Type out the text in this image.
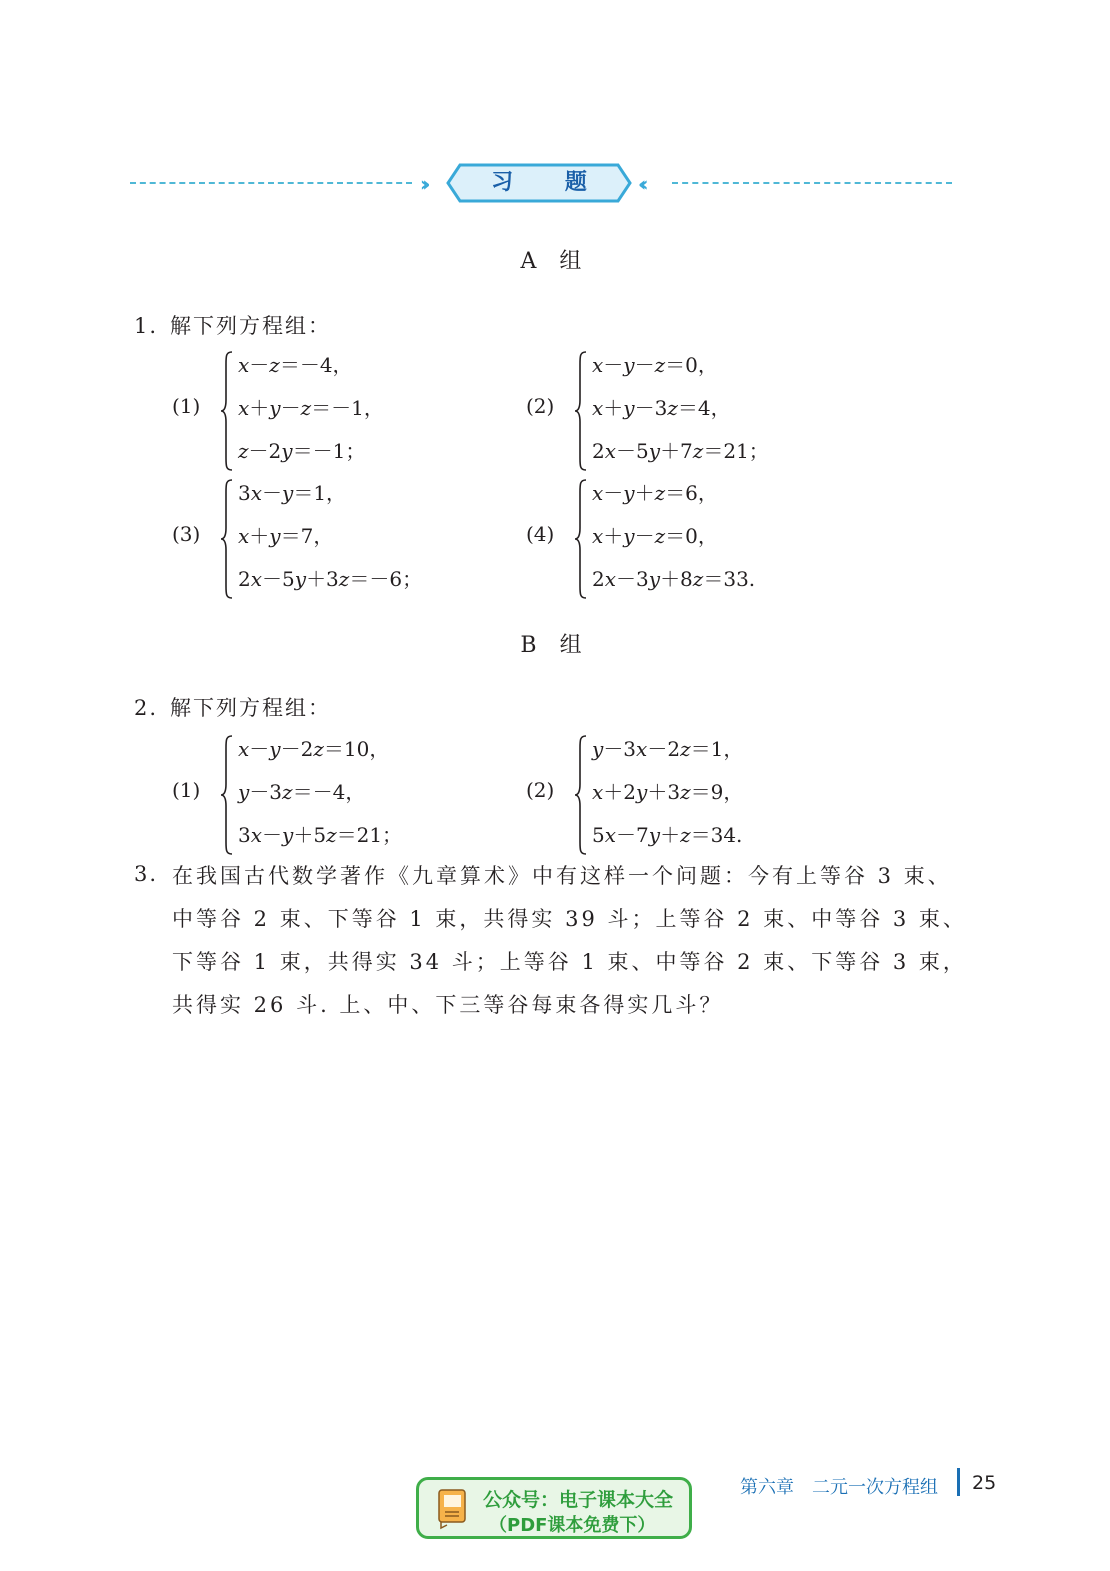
››	习 题	‹‹
A 组
1. 解下列方程组：
(1)
x－z＝－4，
x＋y－z＝－1，
z－2y＝－1；
(2)
x－y－z＝0，
x＋y－3z＝4，
2x－5y＋7z＝21；
(3)
3x－y＝1，
x＋y＝7，
2x－5y＋3z＝－6；
(4)
x－y＋z＝6，
x＋y－z＝0，
2x－3y＋8z＝33.
B 组
2. 解下列方程组：
(1)
x－y－2z＝10，
y－3z＝－4，
3x－y＋5z＝21；
(2)
y－3x－2z＝1，
x＋2y＋3z＝9，
5x－7y＋z＝34.
3. 在我国古代数学著作《九章算术》中有这样一个问题：今有上等谷 3 束、中等谷 2 束、下等谷 1 束，共得实 39 斗；上等谷 2 束、中等谷 3 束、下等谷 1 束，共得实 34 斗；上等谷 1 束、中等谷 2 束、下等谷 3 束，共得实 26 斗. 上、中、下三等谷每束各得实几斗？
公众号：电子课本大全
（PDF课本免费下）
第六章　二元一次方程组 25
